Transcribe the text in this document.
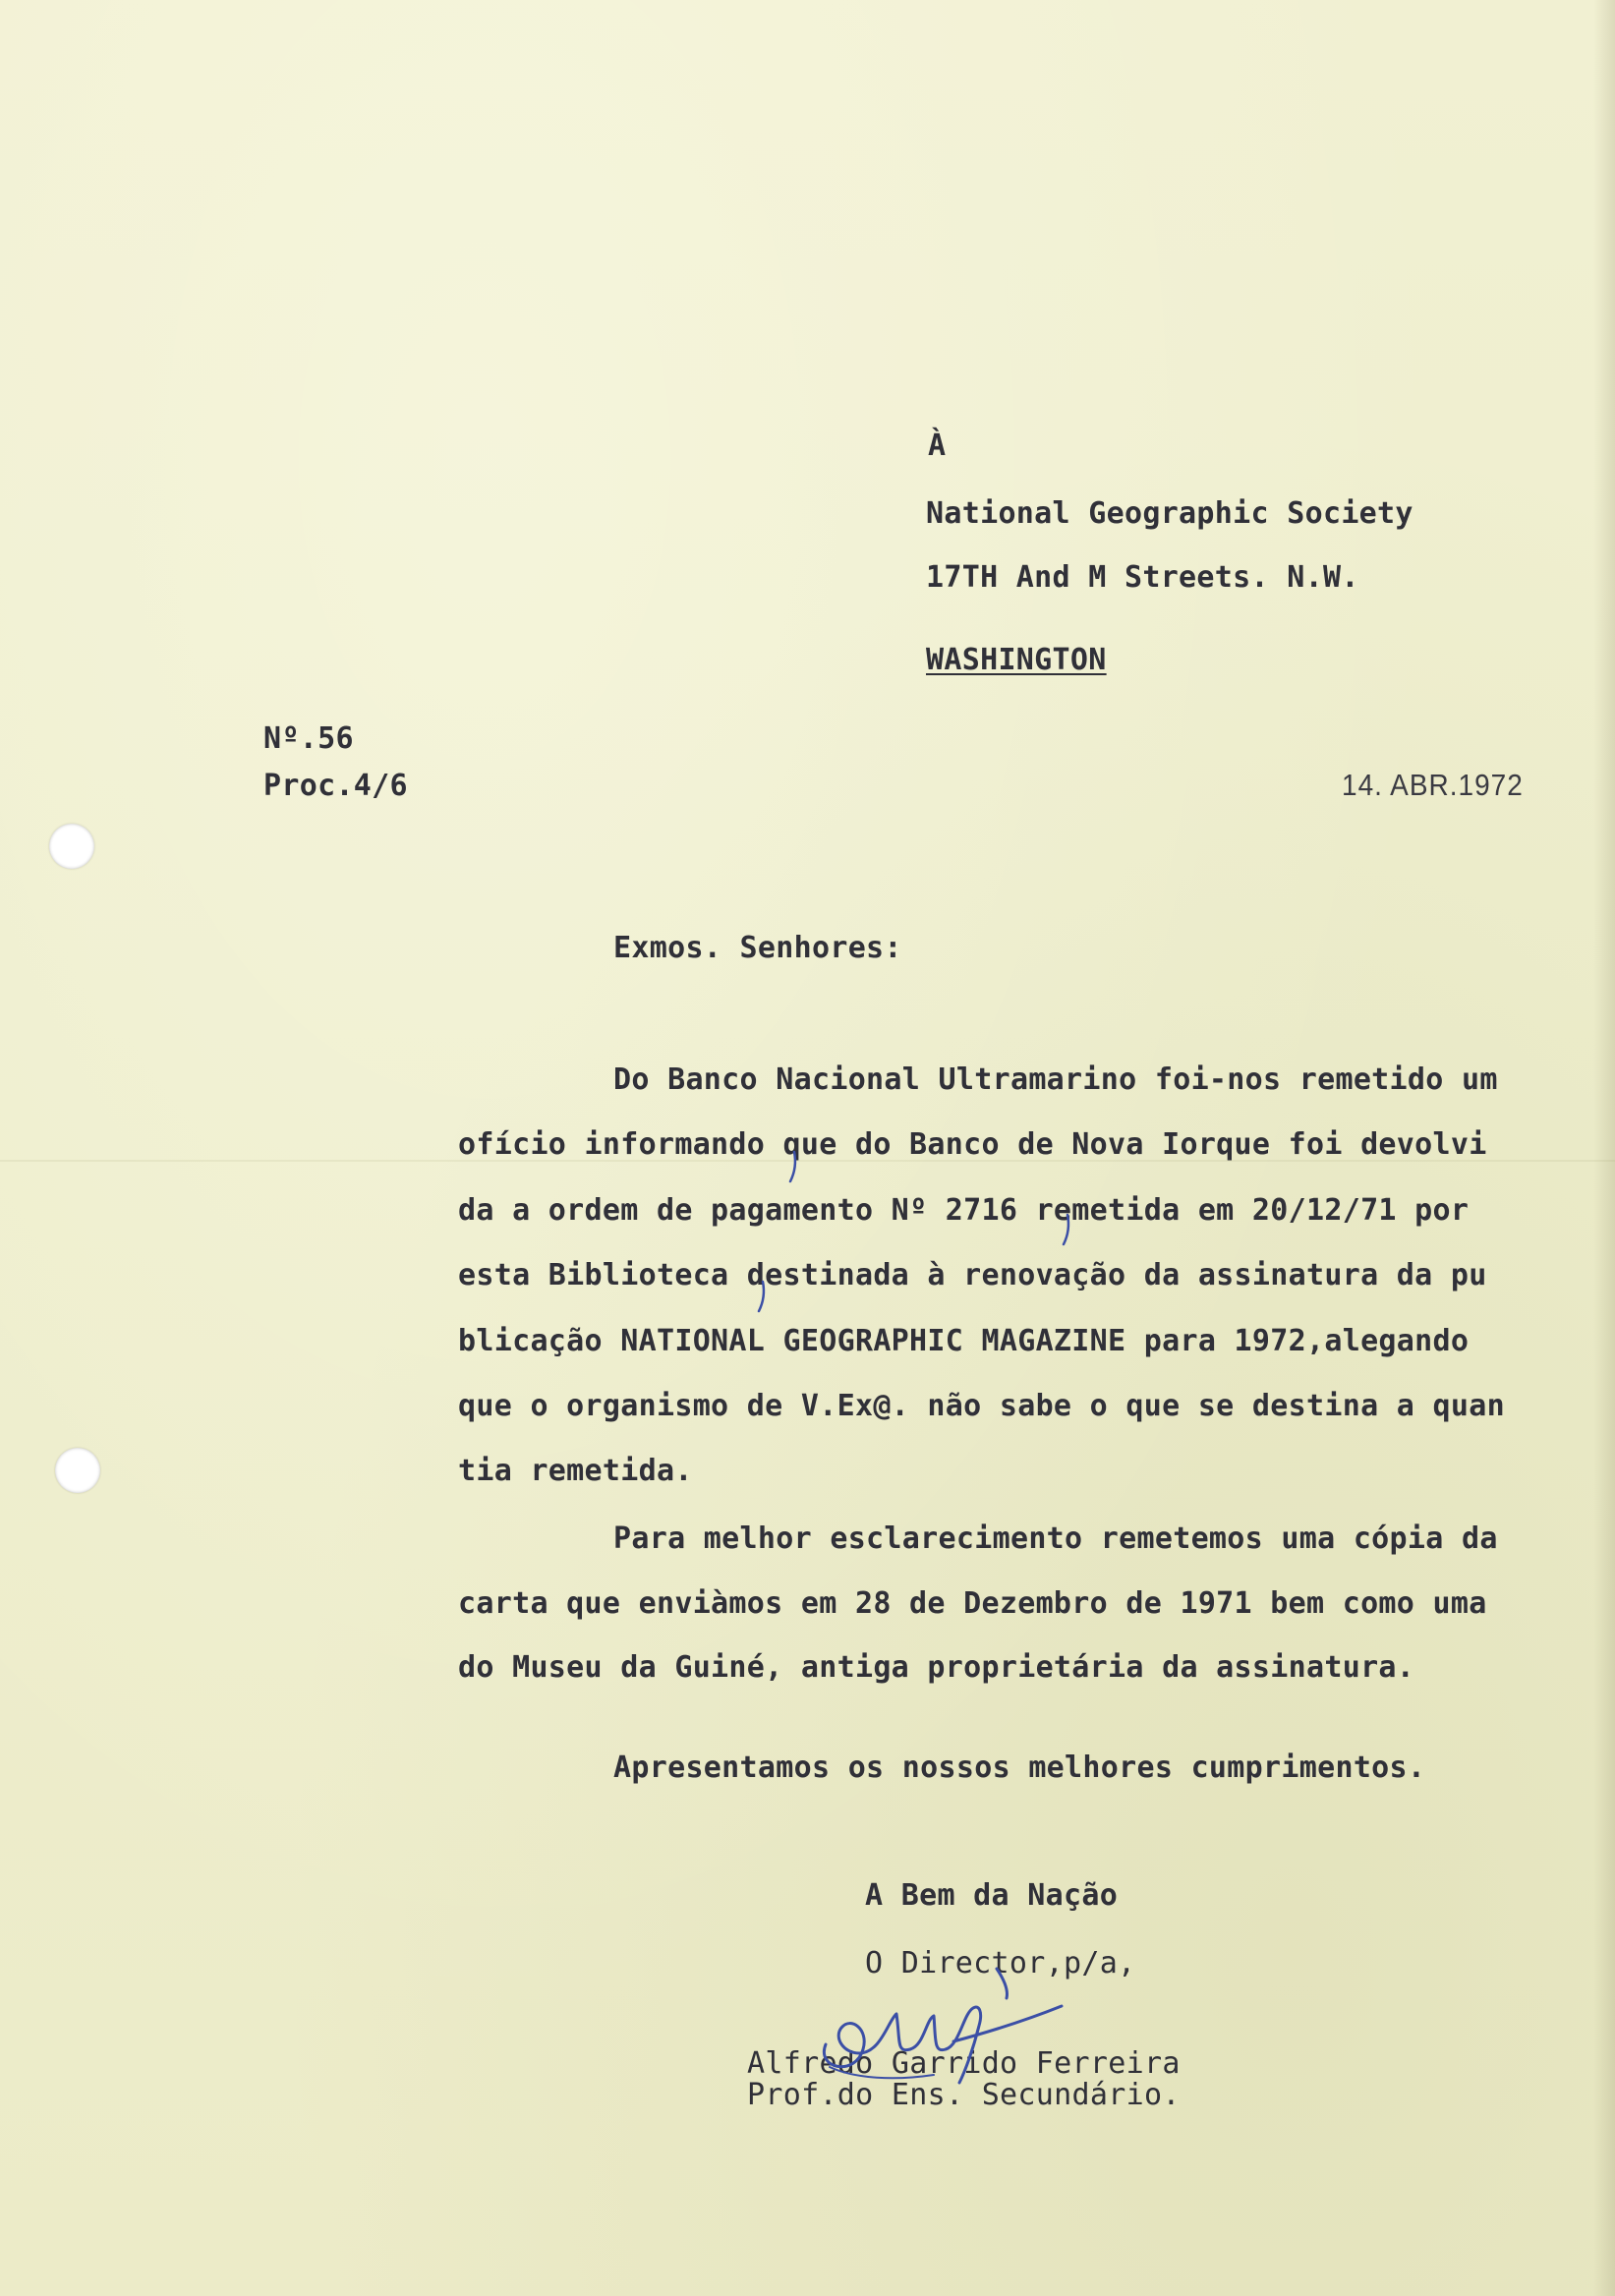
À

National Geographic Society

17TH And M Streets. N.W.

WASHINGTON

Nº.56

Proc.4/6	14. ABR.1972

Exmos. Senhores:

Do Banco Nacional Ultramarino foi-nos remetido um

ofício informando que do Banco de Nova Iorque foi devolvi

da a ordem de pagamento Nº 2716 remetida em 20/12/71 por

esta Biblioteca destinada à renovação da assinatura da pu

blicação NATIONAL GEOGRAPHIC MAGAZINE para 1972,alegando

que o organismo de V.Ex@. não sabe o que se destina a quan

tia remetida.

Para melhor esclarecimento remetemos uma cópia da

carta que enviàmos em 28 de Dezembro de 1971 bem como uma

do Museu da Guiné, antiga proprietária da assinatura.

Apresentamos os nossos melhores cumprimentos.

A Bem da Nação

O Director,p/a,

Alfredo Garrido Ferreira

Prof.do Ens. Secundário.
